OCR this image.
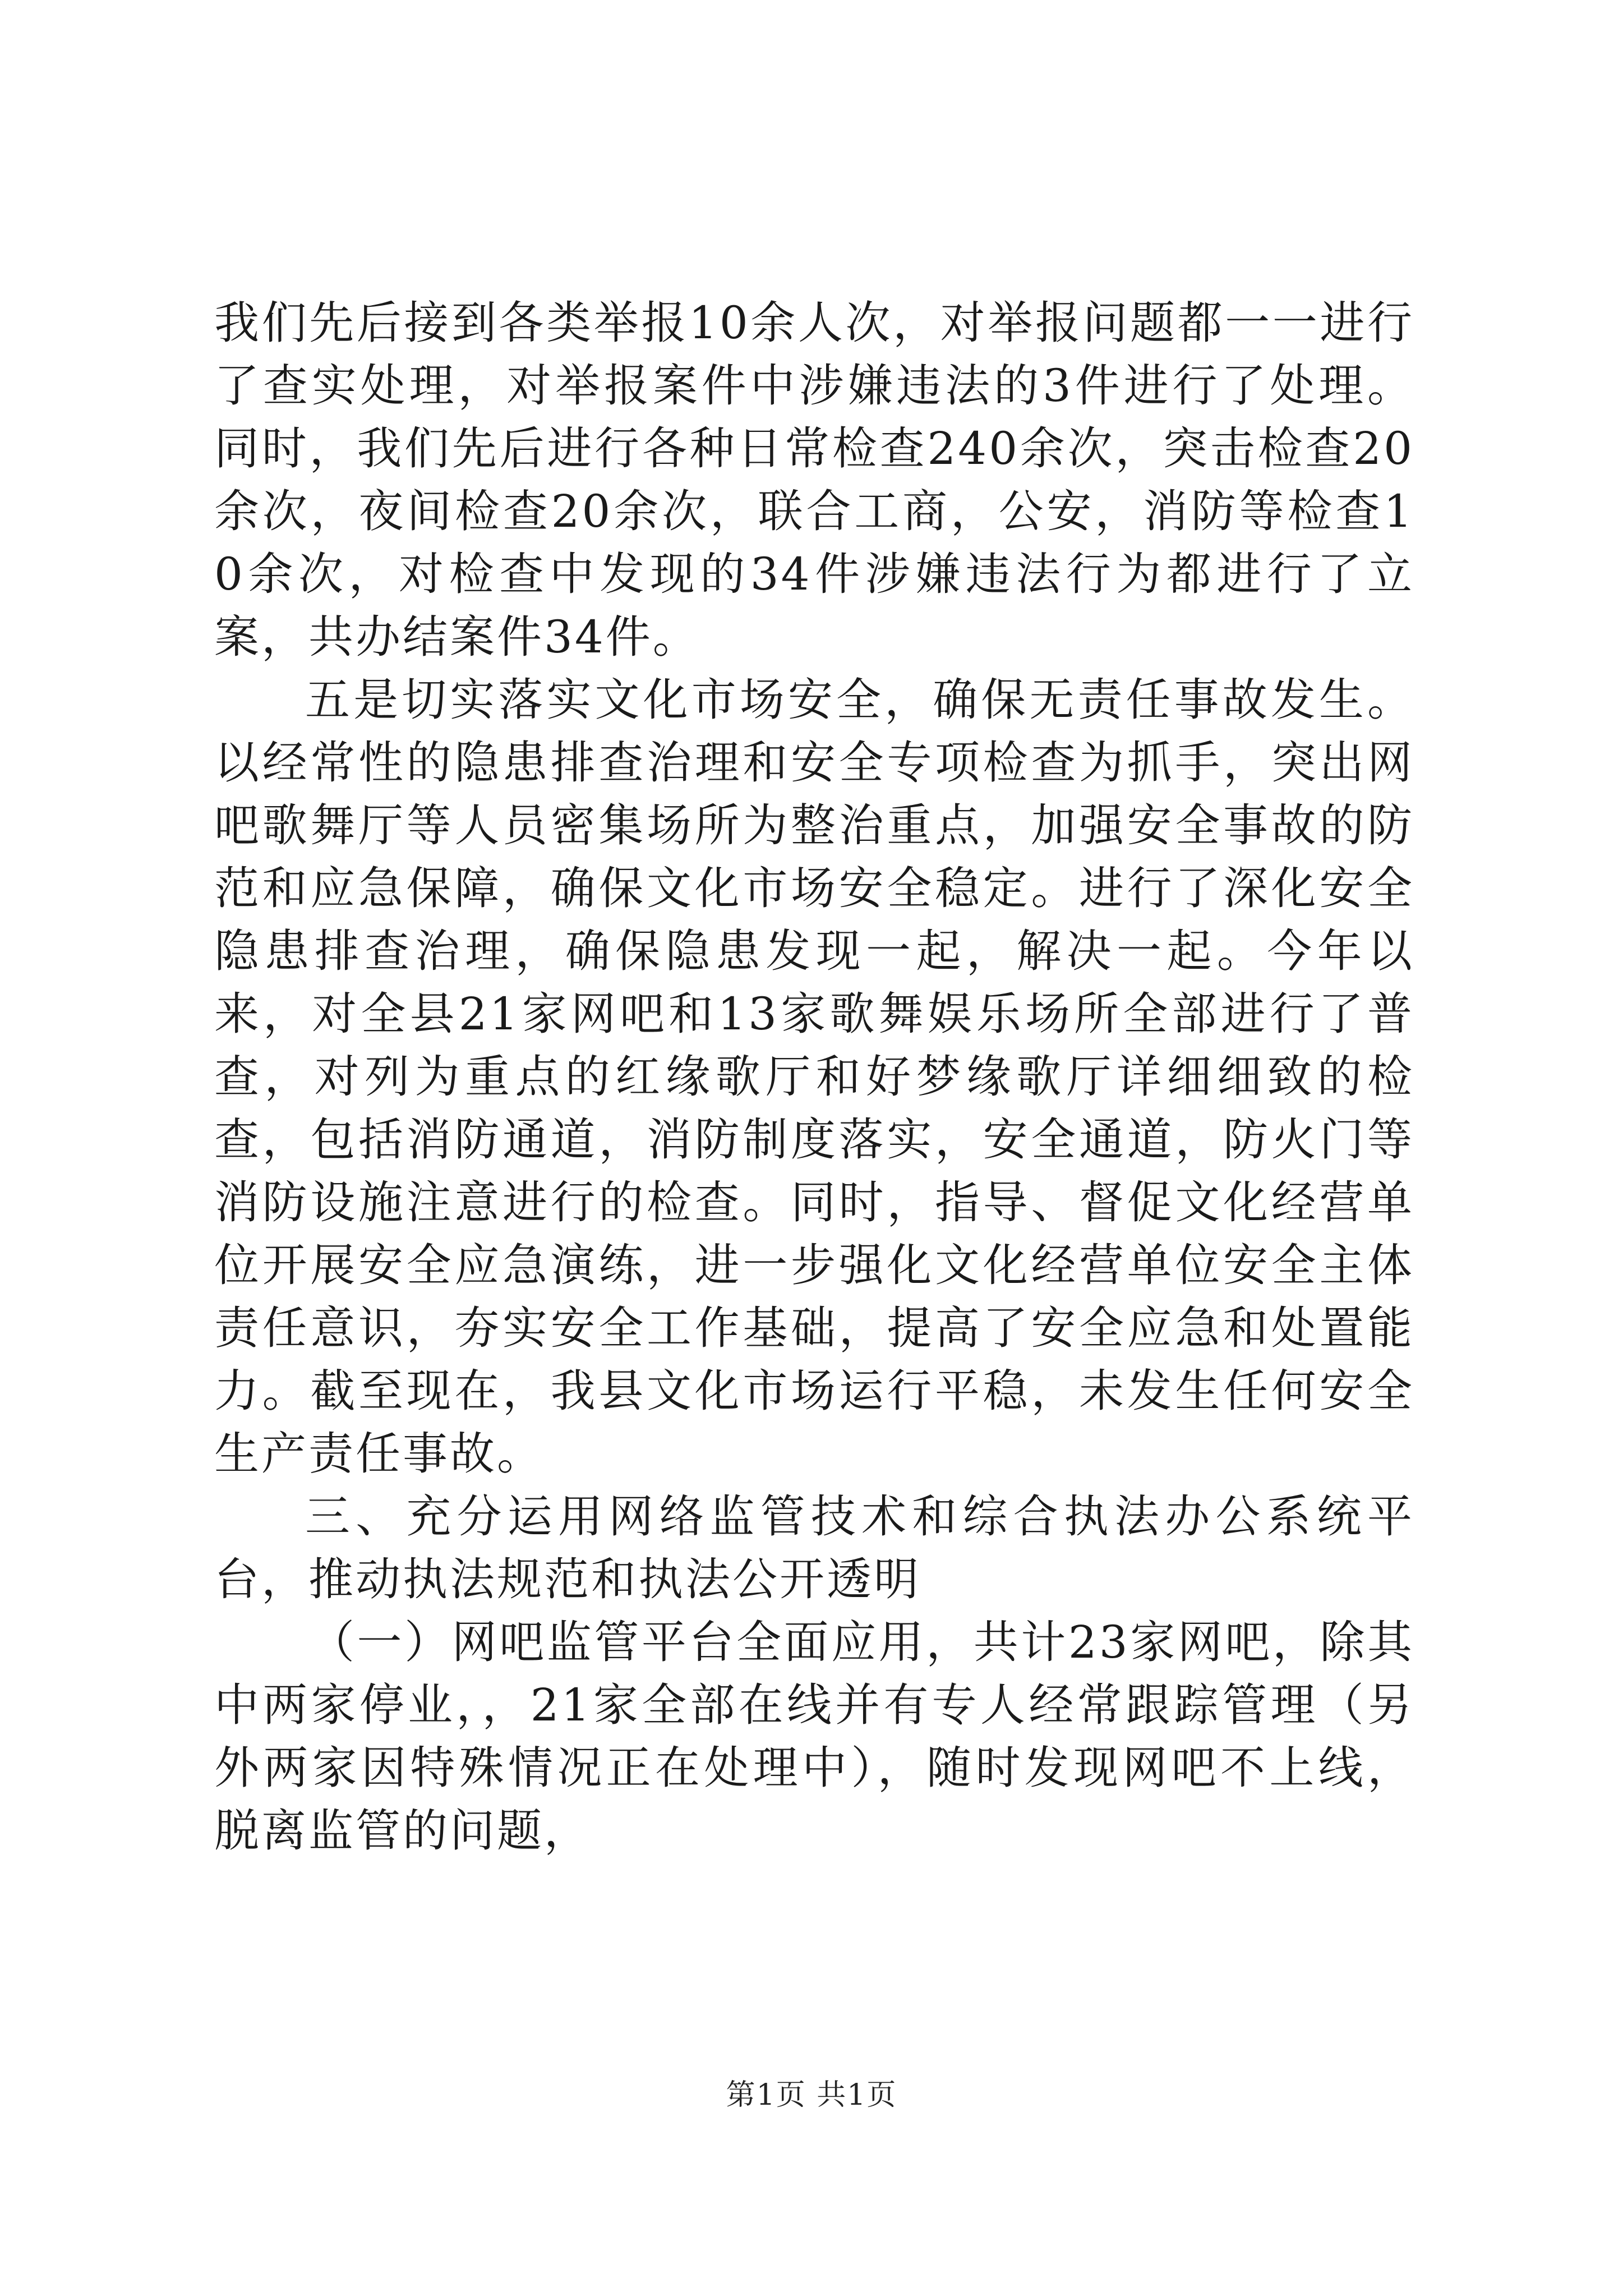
我们先后接到各类举报10余人次，对举报问题都一一进行了查实处理，对举报案件中涉嫌违法的3件进行了处理。同时，我们先后进行各种日常检查240余次，突击检查20余次，夜间检查20余次，联合工商，公安，消防等检查10余次，对检查中发现的34件涉嫌违法行为都进行了立案，共办结案件34件。

五是切实落实文化市场安全，确保无责任事故发生。以经常性的隐患排查治理和安全专项检查为抓手，突出网吧歌舞厅等人员密集场所为整治重点，加强安全事故的防范和应急保障，确保文化市场安全稳定。进行了深化安全隐患排查治理，确保隐患发现一起，解决一起。今年以来，对全县21家网吧和13家歌舞娱乐场所全部进行了普查，对列为重点的红缘歌厅和好梦缘歌厅详细细致的检查，包括消防通道，消防制度落实，安全通道，防火门等消防设施注意进行的检查。同时，指导、督促文化经营单位开展安全应急演练，进一步强化文化经营单位安全主体责任意识，夯实安全工作基础，提高了安全应急和处置能力。截至现在，我县文化市场运行平稳，未发生任何安全生产责任事故。

三、充分运用网络监管技术和综合执法办公系统平台，推动执法规范和执法公开透明

（一）网吧监管平台全面应用，共计23家网吧，除其中两家停业，，21家全部在线并有专人经常跟踪管理（另外两家因特殊情况正在处理中），随时发现网吧不上线，脱离监管的问题，

第1页 共1页
